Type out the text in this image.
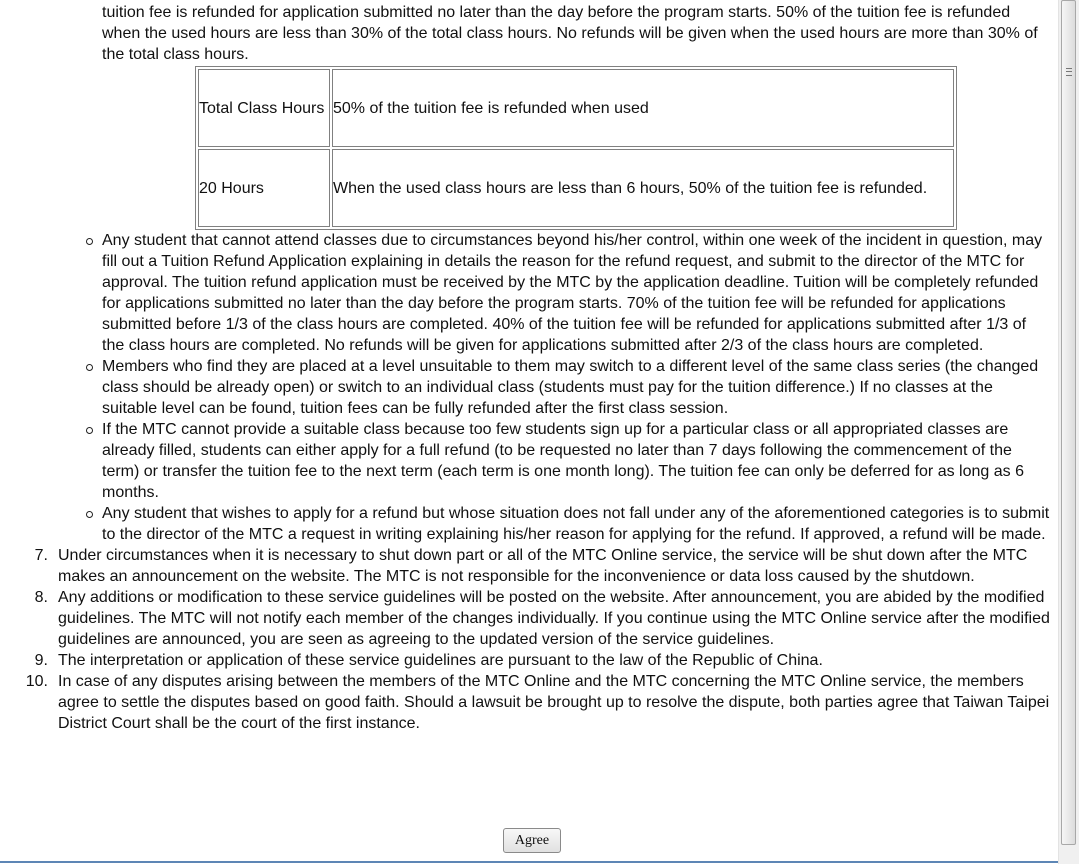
tuition fee is refunded for application submitted no later than the day before the program starts. 50% of the tuition fee is refunded when the used hours are less than 30% of the total class hours. No refunds will be given when the used hours are more than 30% of the total class hours.

Total Class Hours	50% of the tuition fee is refunded when used
20 Hours	When the used class hours are less than 6 hours, 50% of the tuition fee is refunded.
Any student that cannot attend classes due to circumstances beyond his/her control, within one week of the incident in question, may fill out a Tuition Refund Application explaining in details the reason for the refund request, and submit to the director of the MTC for approval. The tuition refund application must be received by the MTC by the application deadline. Tuition will be completely refunded for applications submitted no later than the day before the program starts. 70% of the tuition fee will be refunded for applications submitted before 1/3 of the class hours are completed. 40% of the tuition fee will be refunded for applications submitted after 1/3 of the class hours are completed. No refunds will be given for applications submitted after 2/3 of the class hours are completed.
Members who find they are placed at a level unsuitable to them may switch to a different level of the same class series (the changed class should be already open) or switch to an individual class (students must pay for the tuition difference.) If no classes at the suitable level can be found, tuition fees can be fully refunded after the first class session.
If the MTC cannot provide a suitable class because too few students sign up for a particular class or all appropriated classes are already filled, students can either apply for a full refund (to be requested no later than 7 days following the commencement of the term) or transfer the tuition fee to the next term (each term is one month long). The tuition fee can only be deferred for as long as 6 months.
Any student that wishes to apply for a refund but whose situation does not fall under any of the aforementioned categories is to submit to the director of the MTC a request in writing explaining his/her reason for applying for the refund. If approved, a refund will be made.
7. Under circumstances when it is necessary to shut down part or all of the MTC Online service, the service will be shut down after the MTC makes an announcement on the website. The MTC is not responsible for the inconvenience or data loss caused by the shutdown.
8. Any additions or modification to these service guidelines will be posted on the website. After announcement, you are abided by the modified guidelines. The MTC will not notify each member of the changes individually. If you continue using the MTC Online service after the modified guidelines are announced, you are seen as agreeing to the updated version of the service guidelines.
9. The interpretation or application of these service guidelines are pursuant to the law of the Republic of China.
10. In case of any disputes arising between the members of the MTC Online and the MTC concerning the MTC Online service, the members agree to settle the disputes based on good faith. Should a lawsuit be brought up to resolve the dispute, both parties agree that Taiwan Taipei District Court shall be the court of the first instance.
Agree
